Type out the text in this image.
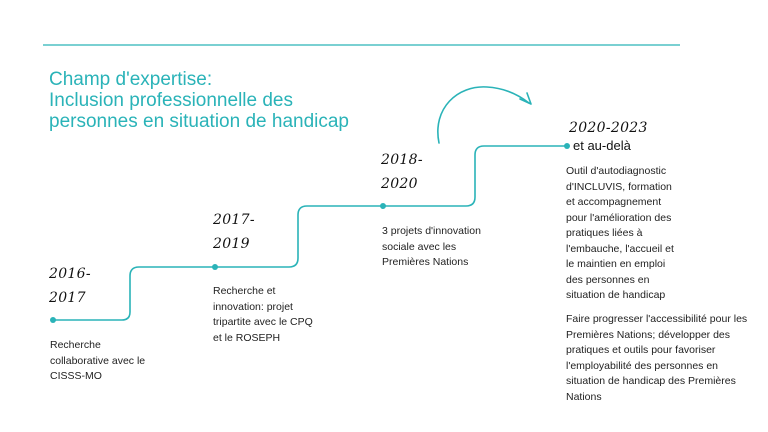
Champ d'expertise:
Inclusion professionnelle des
personnes en situation de handicap
2016-
2017
Recherche
collaborative avec le
CISSS-MO
2017-
2019
Recherche et
innovation: projet
tripartite avec le CPQ
et le ROSEPH
2018-
2020
3 projets d'innovation
sociale avec les
Premières Nations
2020-2023
et au-delà
Outil d'autodiagnostic
d'INCLUVIS, formation
et accompagnement
pour l'amélioration des
pratiques liées à
l'embauche, l'accueil et
le maintien en emploi
des personnes en
situation de handicap
Faire progresser l'accessibilité pour les
Premières Nations; développer des
pratiques et outils pour favoriser
l'employabilité des personnes en
situation de handicap des Premières
Nations
